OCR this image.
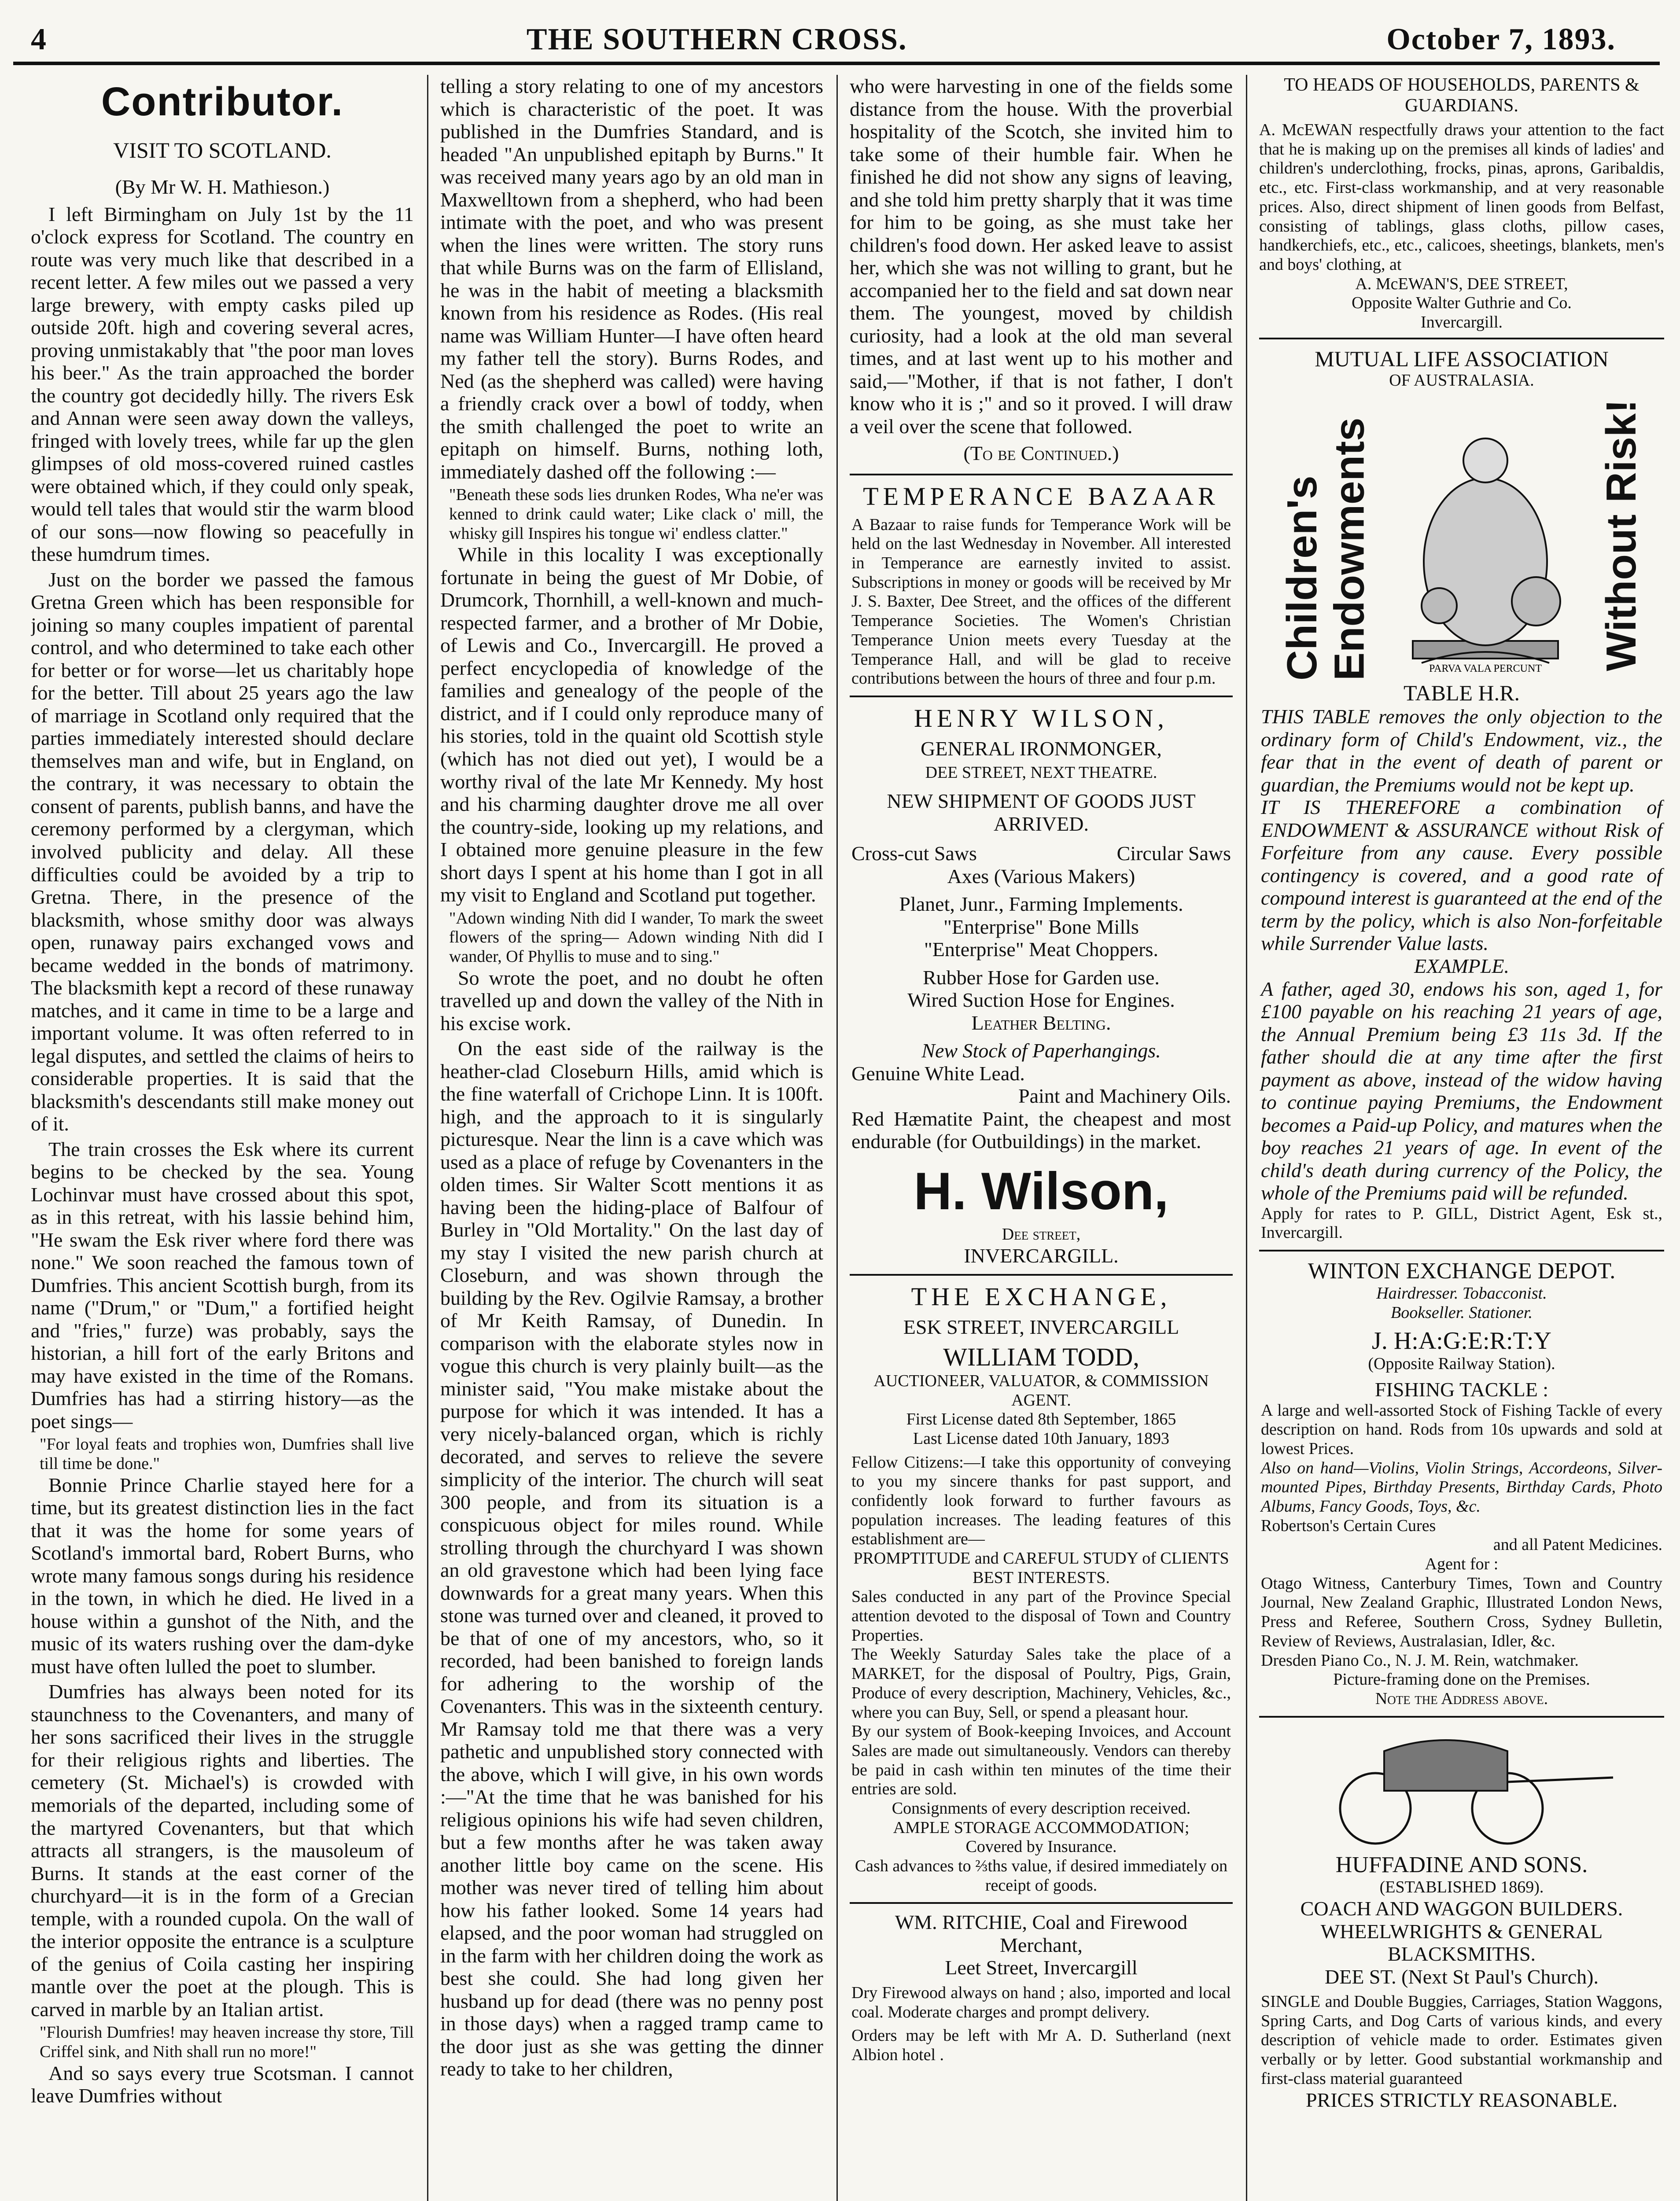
4	THE SOUTHERN CROSS.	October 7, 1893.
Contributor.
VISIT TO SCOTLAND.
(By Mr W. H. Mathieson.)

I left Birmingham on July 1st by the 11 o'clock express for Scotland. The country en route was very much like that described in a recent letter. A few miles out we passed a very large brewery, with empty casks piled up outside 20ft. high and covering several acres, proving unmistakably that "the poor man loves his beer." As the train approached the border the country got decidedly hilly. The rivers Esk and Annan were seen away down the valleys, fringed with lovely trees, while far up the glen glimpses of old moss-covered ruined castles were obtained which, if they could only speak, would tell tales that would stir the warm blood of our sons—now flowing so peacefully in these humdrum times.

Just on the border we passed the famous Gretna Green which has been responsible for joining so many couples impatient of parental control, and who determined to take each other for better or for worse—let us charitably hope for the better. Till about 25 years ago the law of marriage in Scotland only required that the parties immediately interested should declare themselves man and wife, but in England, on the contrary, it was necessary to obtain the consent of parents, publish banns, and have the ceremony performed by a clergyman, which involved publicity and delay. All these difficulties could be avoided by a trip to Gretna. There, in the presence of the blacksmith, whose smithy door was always open, runaway pairs exchanged vows and became wedded in the bonds of matrimony. The blacksmith kept a record of these runaway matches, and it came in time to be a large and important volume. It was often referred to in legal disputes, and settled the claims of heirs to considerable properties. It is said that the blacksmith's descendants still make money out of it.

The train crosses the Esk where its current begins to be checked by the sea. Young Lochinvar must have crossed about this spot, as in this retreat, with his lassie behind him, "He swam the Esk river where ford there was none." We soon reached the famous town of Dumfries. This ancient Scottish burgh, from its name ("Drum," or "Dum," a fortified height and "fries," furze) was probably, says the historian, a hill fort of the early Britons and may have existed in the time of the Romans. Dumfries has had a stirring history—as the poet sings—

"For loyal feats and trophies won, Dumfries shall live till time be done."

Bonnie Prince Charlie stayed here for a time, but its greatest distinction lies in the fact that it was the home for some years of Scotland's immortal bard, Robert Burns, who wrote many famous songs during his residence in the town, in which he died. He lived in a house within a gunshot of the Nith, and the music of its waters rushing over the dam-dyke must have often lulled the poet to slumber.

Dumfries has always been noted for its staunchness to the Covenanters, and many of her sons sacrificed their lives in the struggle for their religious rights and liberties. The cemetery (St. Michael's) is crowded with memorials of the departed, including some of the martyred Covenanters, but that which attracts all strangers, is the mausoleum of Burns. It stands at the east corner of the churchyard—it is in the form of a Grecian temple, with a rounded cupola. On the wall of the interior opposite the entrance is a sculpture of the genius of Coila casting her inspiring mantle over the poet at the plough. This is carved in marble by an Italian artist.

"Flourish Dumfries! may heaven increase thy store, Till Criffel sink, and Nith shall run no more!"

And so says every true Scotsman. I cannot leave Dumfries without

telling a story relating to one of my ancestors which is characteristic of the poet. It was published in the Dumfries Standard, and is headed "An unpublished epitaph by Burns." It was received many years ago by an old man in Maxwelltown from a shepherd, who had been intimate with the poet, and who was present when the lines were written. The story runs that while Burns was on the farm of Ellisland, he was in the habit of meeting a blacksmith known from his residence as Rodes. (His real name was William Hunter—I have often heard my father tell the story). Burns Rodes, and Ned (as the shepherd was called) were having a friendly crack over a bowl of toddy, when the smith challenged the poet to write an epitaph on himself. Burns, nothing loth, immediately dashed off the following :—

"Beneath these sods lies drunken Rodes, Wha ne'er was kenned to drink cauld water; Like clack o' mill, the whisky gill Inspires his tongue wi' endless clatter."

While in this locality I was exceptionally fortunate in being the guest of Mr Dobie, of Drumcork, Thornhill, a well-known and much-respected farmer, and a brother of Mr Dobie, of Lewis and Co., Invercargill. He proved a perfect encyclopedia of knowledge of the families and genealogy of the people of the district, and if I could only reproduce many of his stories, told in the quaint old Scottish style (which has not died out yet), I would be a worthy rival of the late Mr Kennedy. My host and his charming daughter drove me all over the country-side, looking up my relations, and I obtained more genuine pleasure in the few short days I spent at his home than I got in all my visit to England and Scotland put together.

"Adown winding Nith did I wander, To mark the sweet flowers of the spring— Adown winding Nith did I wander, Of Phyllis to muse and to sing."

So wrote the poet, and no doubt he often travelled up and down the valley of the Nith in his excise work.

On the east side of the railway is the heather-clad Closeburn Hills, amid which is the fine waterfall of Crichope Linn. It is 100ft. high, and the approach to it is singularly picturesque. Near the linn is a cave which was used as a place of refuge by Covenanters in the olden times. Sir Walter Scott mentions it as having been the hiding-place of Balfour of Burley in "Old Mortality." On the last day of my stay I visited the new parish church at Closeburn, and was shown through the building by the Rev. Ogilvie Ramsay, a brother of Mr Keith Ramsay, of Dunedin. In comparison with the elaborate styles now in vogue this church is very plainly built—as the minister said, "You make mistake about the purpose for which it was intended. It has a very nicely-balanced organ, which is richly decorated, and serves to relieve the severe simplicity of the interior. The church will seat 300 people, and from its situation is a conspicuous object for miles round. While strolling through the churchyard I was shown an old gravestone which had been lying face downwards for a great many years. When this stone was turned over and cleaned, it proved to be that of one of my ancestors, who, so it recorded, had been banished to foreign lands for adhering to the worship of the Covenanters. This was in the sixteenth century. Mr Ramsay told me that there was a very pathetic and unpublished story connected with the above, which I will give, in his own words :—"At the time that he was banished for his religious opinions his wife had seven children, but a few months after he was taken away another little boy came on the scene. His mother was never tired of telling him about how his father looked. Some 14 years had elapsed, and the poor woman had struggled on in the farm with her children doing the work as best she could. She had long given her husband up for dead (there was no penny post in those days) when a ragged tramp came to the door just as she was getting the dinner ready to take to her children,

who were harvesting in one of the fields some distance from the house. With the proverbial hospitality of the Scotch, she invited him to take some of their humble fair. When he finished he did not show any signs of leaving, and she told him pretty sharply that it was time for him to be going, as she must take her children's food down. Her asked leave to assist her, which she was not willing to grant, but he accompanied her to the field and sat down near them. The youngest, moved by childish curiosity, had a look at the old man several times, and at last went up to his mother and said,—"Mother, if that is not father, I don't know who it is ;" and so it proved. I will draw a veil over the scene that followed.

(To be Continued.)
TEMPERANCE BAZAAR
A Bazaar to raise funds for Temperance Work will be held on the last Wednesday in November. All interested in Temperance are earnestly invited to assist. Subscriptions in money or goods will be received by Mr J. S. Baxter, Dee Street, and the offices of the different Temperance Societies. The Women's Christian Temperance Union meets every Tuesday at the Temperance Hall, and will be glad to receive contributions between the hours of three and four p.m.
HENRY WILSON,
GENERAL IRONMONGER,
DEE STREET, NEXT THEATRE.
NEW SHIPMENT OF GOODS JUST ARRIVED.
Cross-cut Saws	Circular Saws
Axes (Various Makers)
Planet, Junr., Farming Implements.
"Enterprise" Bone Mills
"Enterprise" Meat Choppers.
Rubber Hose for Garden use.
Wired Suction Hose for Engines.
Leather Belting.
New Stock of Paperhangings.
Genuine White Lead.
Paint and Machinery Oils.
Red Hæmatite Paint, the cheapest and most endurable (for Outbuildings) in the market.
H. Wilson,
Dee street,
INVERCARGILL.
THE EXCHANGE,
ESK STREET, INVERCARGILL
WILLIAM TODD,
AUCTIONEER, VALUATOR, & COMMISSION AGENT.
First License dated 8th September, 1865
Last License dated 10th January, 1893
Fellow Citizens:—I take this opportunity of conveying to you my sincere thanks for past support, and confidently look forward to further favours as population increases. The leading features of this establishment are—
PROMPTITUDE and CAREFUL STUDY of CLIENTS BEST INTERESTS.
Sales conducted in any part of the Province Special attention devoted to the disposal of Town and Country Properties.
The Weekly Saturday Sales take the place of a MARKET, for the disposal of Poultry, Pigs, Grain, Produce of every description, Machinery, Vehicles, &c., where you can Buy, Sell, or spend a pleasant hour.
By our system of Book-keeping Invoices, and Account Sales are made out simultaneously. Vendors can thereby be paid in cash within ten minutes of the time their entries are sold.
Consignments of every description received.
AMPLE STORAGE ACCOMMODATION;
Covered by Insurance.
Cash advances to ⅔ths value, if desired immediately on receipt of goods.
WM. RITCHIE, Coal and Firewood
Merchant,
Leet Street, Invercargill
Dry Firewood always on hand ; also, imported and local coal. Moderate charges and prompt delivery.
Orders may be left with Mr A. D. Sutherland (next Albion hotel .
TO HEADS OF HOUSEHOLDS, PARENTS & GUARDIANS.
A. McEWAN respectfully draws your attention to the fact that he is making up on the premises all kinds of ladies' and children's underclothing, frocks, pinas, aprons, Garibaldis, etc., etc. First-class workmanship, and at very reasonable prices. Also, direct shipment of linen goods from Belfast, consisting of tablings, glass cloths, pillow cases, handkerchiefs, etc., etc., calicoes, sheetings, blankets, men's and boys' clothing, at
A. McEWAN'S, DEE STREET,
Opposite Walter Guthrie and Co.
Invercargill.
MUTUAL LIFE ASSOCIATION
OF AUSTRALASIA.
Children's Endowments	PARVA VALA PERCUNT Without Risk!
TABLE H.R.
THIS TABLE removes the only objection to the ordinary form of Child's Endowment, viz., the fear that in the event of death of parent or guardian, the Premiums would not be kept up.
IT IS THEREFORE a combination of ENDOWMENT & ASSURANCE without Risk of Forfeiture from any cause. Every possible contingency is covered, and a good rate of compound interest is guaranteed at the end of the term by the policy, which is also Non-forfeitable while Surrender Value lasts.
EXAMPLE.
A father, aged 30, endows his son, aged 1, for £100 payable on his reaching 21 years of age, the Annual Premium being £3 11s 3d. If the father should die at any time after the first payment as above, instead of the widow having to continue paying Premiums, the Endowment becomes a Paid-up Policy, and matures when the boy reaches 21 years of age. In event of the child's death during currency of the Policy, the whole of the Premiums paid will be refunded.
Apply for rates to P. GILL, District Agent, Esk st., Invercargill.
WINTON EXCHANGE DEPOT.
Hairdresser. Tobacconist.
Bookseller. Stationer.
J. H:A:G:E:R:T:Y
(Opposite Railway Station).
FISHING TACKLE :
A large and well-assorted Stock of Fishing Tackle of every description on hand. Rods from 10s upwards and sold at lowest Prices.
Also on hand—Violins, Violin Strings, Accordeons, Silver-mounted Pipes, Birthday Presents, Birthday Cards, Photo Albums, Fancy Goods, Toys, &c.
Robertson's Certain Cures
and all Patent Medicines.
Agent for :
Otago Witness, Canterbury Times, Town and Country Journal, New Zealand Graphic, Illustrated London News, Press and Referee, Southern Cross, Sydney Bulletin, Review of Reviews, Australasian, Idler, &c.
Dresden Piano Co., N. J. M. Rein, watchmaker.
Picture-framing done on the Premises.
Note the Address above.
HUFFADINE AND SONS.
(ESTABLISHED 1869).
COACH AND WAGGON BUILDERS.
WHEELWRIGHTS & GENERAL BLACKSMITHS.
DEE ST. (Next St Paul's Church).
SINGLE and Double Buggies, Carriages, Station Waggons, Spring Carts, and Dog Carts of various kinds, and every description of vehicle made to order. Estimates given verbally or by letter. Good substantial workmanship and first-class material guaranteed
PRICES STRICTLY REASONABLE.
